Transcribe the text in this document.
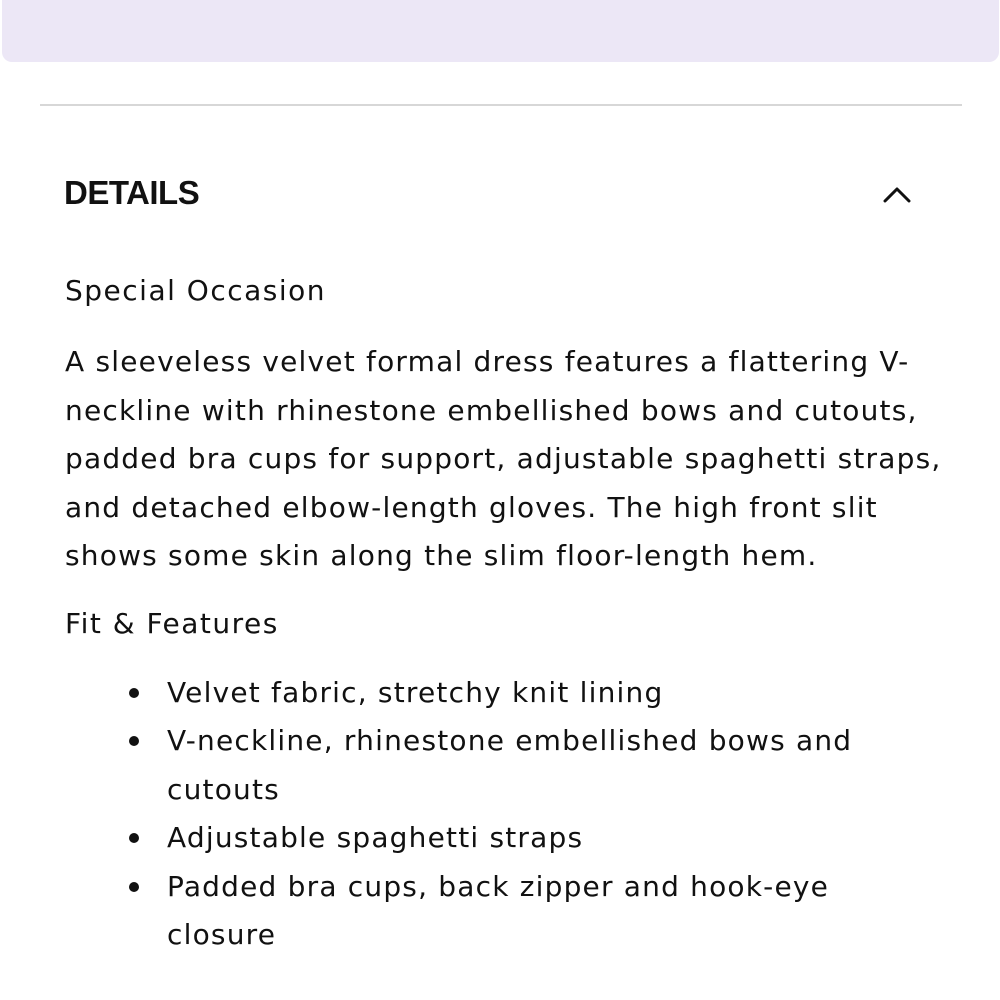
DETAILS

Special Occasion

A sleeveless velvet formal dress features a flattering V-neckline with rhinestone embellished bows and cutouts, padded bra cups for support, adjustable spaghetti straps, and detached elbow-length gloves. The high front slit shows some skin along the slim floor-length hem.

Fit & Features

Velvet fabric, stretchy knit lining
V-neckline, rhinestone embellished bows and cutouts
Adjustable spaghetti straps
Padded bra cups, back zipper and hook-eye closure
